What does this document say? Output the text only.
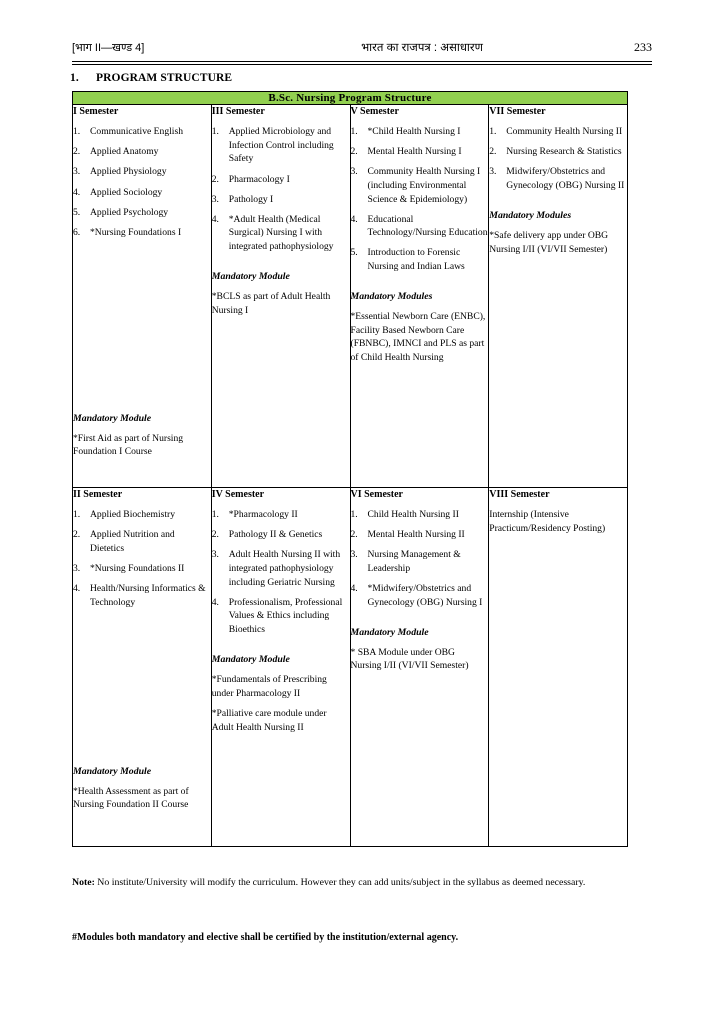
[भाग II—खण्ड 4]	भारत का राजपत्र : असाधारण	233
1. PROGRAM STRUCTURE
B.Sc. Nursing Program Structure			

I Semester
1.	Communicative English
2.	Applied Anatomy
3.	Applied Physiology
4.	Applied Sociology
5.	Applied Psychology
6.	*Nursing Foundations I
Mandatory Module
*First Aid as part of Nursing Foundation I Course

III Semester
1.	Applied Microbiology and Infection Control including Safety
2.	Pharmacology I
3.	Pathology I
4.	*Adult Health (Medical Surgical) Nursing I with integrated pathophysiology
Mandatory Module
*BCLS as part of Adult Health Nursing I

V Semester
1.	*Child Health Nursing I
2.	Mental Health Nursing I
3.	Community Health Nursing I (including Environmental Science & Epidemiology)
4.	Educational Technology/Nursing Education
5.	Introduction to Forensic Nursing and Indian Laws
Mandatory Modules
*Essential Newborn Care (ENBC), Facility Based Newborn Care (FBNBC), IMNCI and PLS as part of Child Health Nursing

VII Semester
1.	Community Health Nursing II
2.	Nursing Research & Statistics
3.	Midwifery/Obstetrics and Gynecology (OBG) Nursing II
Mandatory Modules
*Safe delivery app under OBG Nursing I/II (VI/VII Semester)

II Semester
1.	Applied Biochemistry
2.	Applied Nutrition and Dietetics
3.	*Nursing Foundations II
4.	Health/Nursing Informatics & Technology
Mandatory Module
*Health Assessment as part of Nursing Foundation II Course

IV Semester
1.	*Pharmacology II
2.	Pathology II & Genetics
3.	Adult Health Nursing II with integrated pathophysiology including Geriatric Nursing
4.	Professionalism, Professional Values & Ethics including Bioethics
Mandatory Module
*Fundamentals of Prescribing under Pharmacology II
*Palliative care module under Adult Health Nursing II

VI Semester
1.	Child Health Nursing II
2.	Mental Health Nursing II
3.	Nursing Management & Leadership
4.	*Midwifery/Obstetrics and Gynecology (OBG) Nursing I
Mandatory Module
* SBA Module under OBG Nursing I/II (VI/VII Semester)

VIII Semester
Internship (Intensive Practicum/Residency Posting)
Note: No institute/University will modify the curriculum. However they can add units/subject in the syllabus as deemed necessary.
#Modules both mandatory and elective shall be certified by the institution/external agency.
